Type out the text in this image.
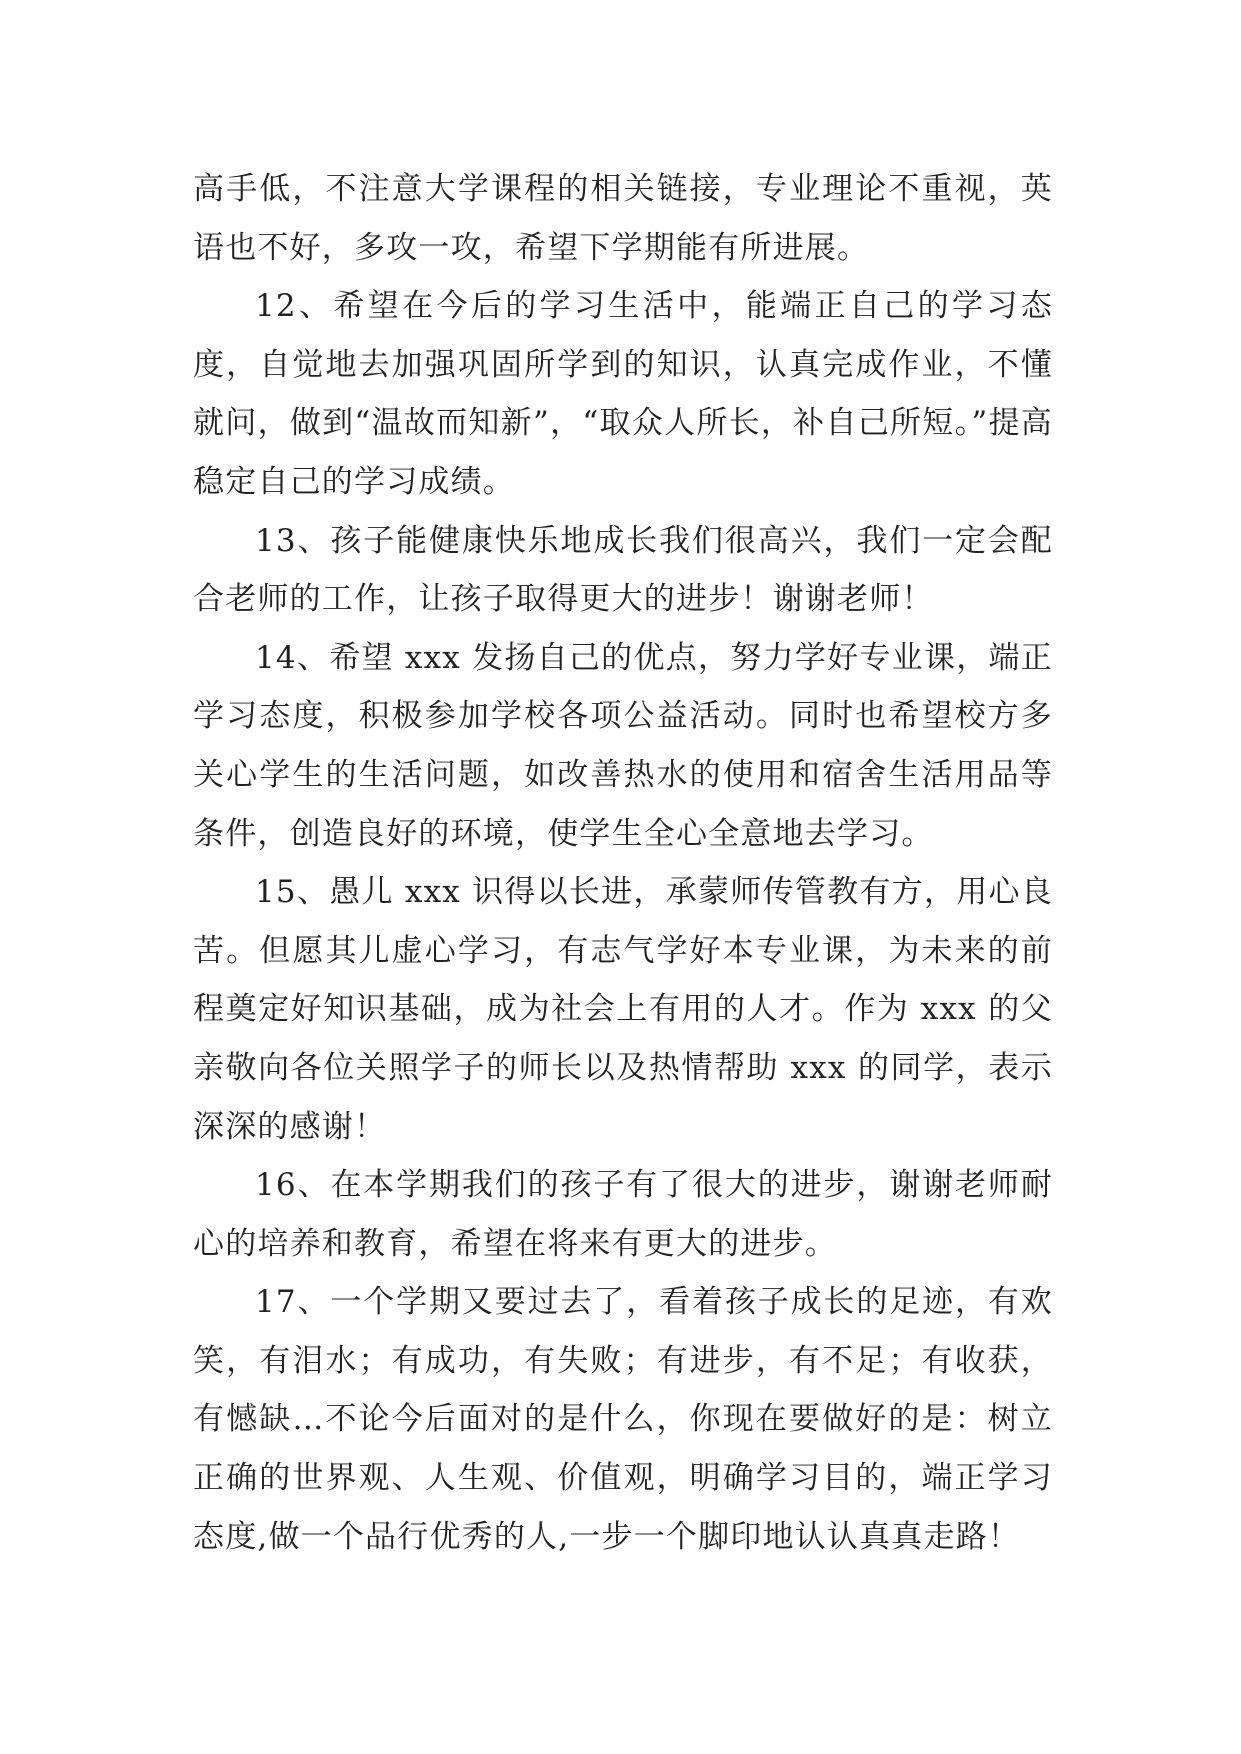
高手低，不注意大学课程的相关链接，专业理论不重视，英语也不好，多攻一攻，希望下学期能有所进展。

12、希望在今后的学习生活中，能端正自己的学习态度，自觉地去加强巩固所学到的知识，认真完成作业，不懂就问，做到“温故而知新”，“取众人所长，补自己所短。”提高稳定自己的学习成绩。

13、孩子能健康快乐地成长我们很高兴，我们一定会配合老师的工作，让孩子取得更大的进步！谢谢老师！

14、希望 xxx 发扬自己的优点，努力学好专业课，端正学习态度，积极参加学校各项公益活动。同时也希望校方多关心学生的生活问题，如改善热水的使用和宿舍生活用品等条件，创造良好的环境，使学生全心全意地去学习。

15、愚儿 xxx 识得以长进，承蒙师传管教有方，用心良苦。但愿其儿虚心学习，有志气学好本专业课，为未来的前程奠定好知识基础，成为社会上有用的人才。作为 xxx 的父亲敬向各位关照学子的师长以及热情帮助 xxx 的同学，表示深深的感谢！

16、在本学期我们的孩子有了很大的进步，谢谢老师耐心的培养和教育，希望在将来有更大的进步。

17、一个学期又要过去了，看着孩子成长的足迹，有欢笑，有泪水；有成功，有失败；有进步，有不足；有收获，有憾缺…不论今后面对的是什么，你现在要做好的是：树立正确的世界观、人生观、价值观，明确学习目的，端正学习态度,做一个品行优秀的人,一步一个脚印地认认真真走路！
